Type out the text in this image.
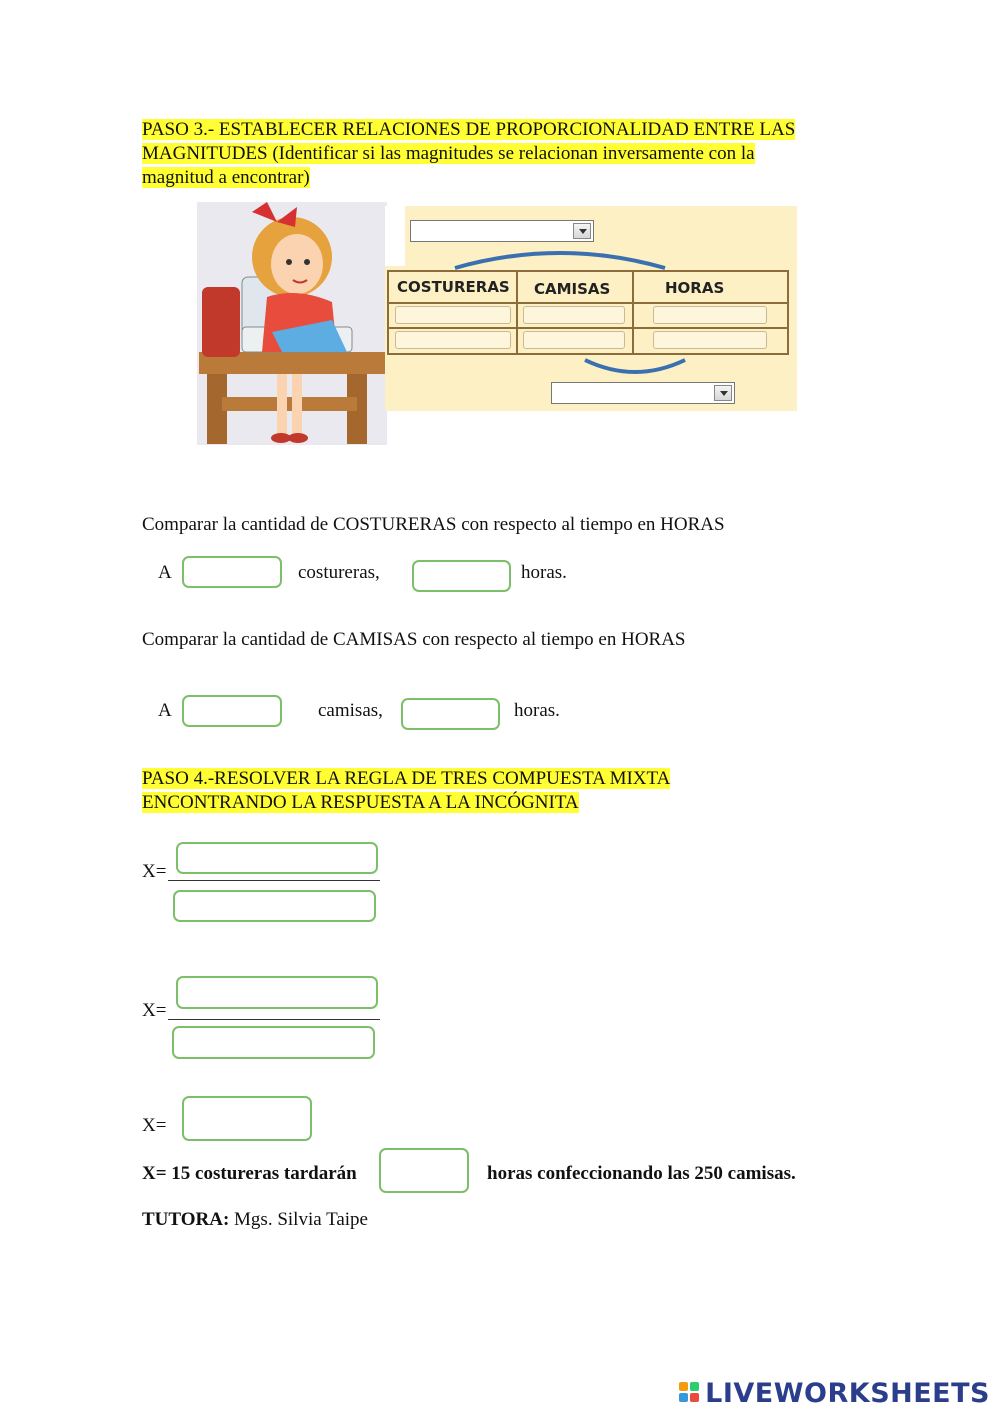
PASO 3.- ESTABLECER RELACIONES DE PROPORCIONALIDAD ENTRE LAS
MAGNITUDES (Identificar si las magnitudes se relacionan inversamente con la
magnitud a encontrar)
COSTURERAS CAMISAS	HORAS
Comparar la cantidad de COSTURERAS con respecto al tiempo en HORAS
A	costureras,	horas.
Comparar la cantidad de CAMISAS con respecto al tiempo en HORAS
A	camisas,	horas.
PASO 4.-RESOLVER LA REGLA DE TRES COMPUESTA MIXTA
ENCONTRANDO LA RESPUESTA A LA INCÓGNITA
X=
X=
X=
X= 15 costureras tardarán	horas confeccionando las 250 camisas.
TUTORA: Mgs. Silvia Taipe
LIVEWORKSHEETS
